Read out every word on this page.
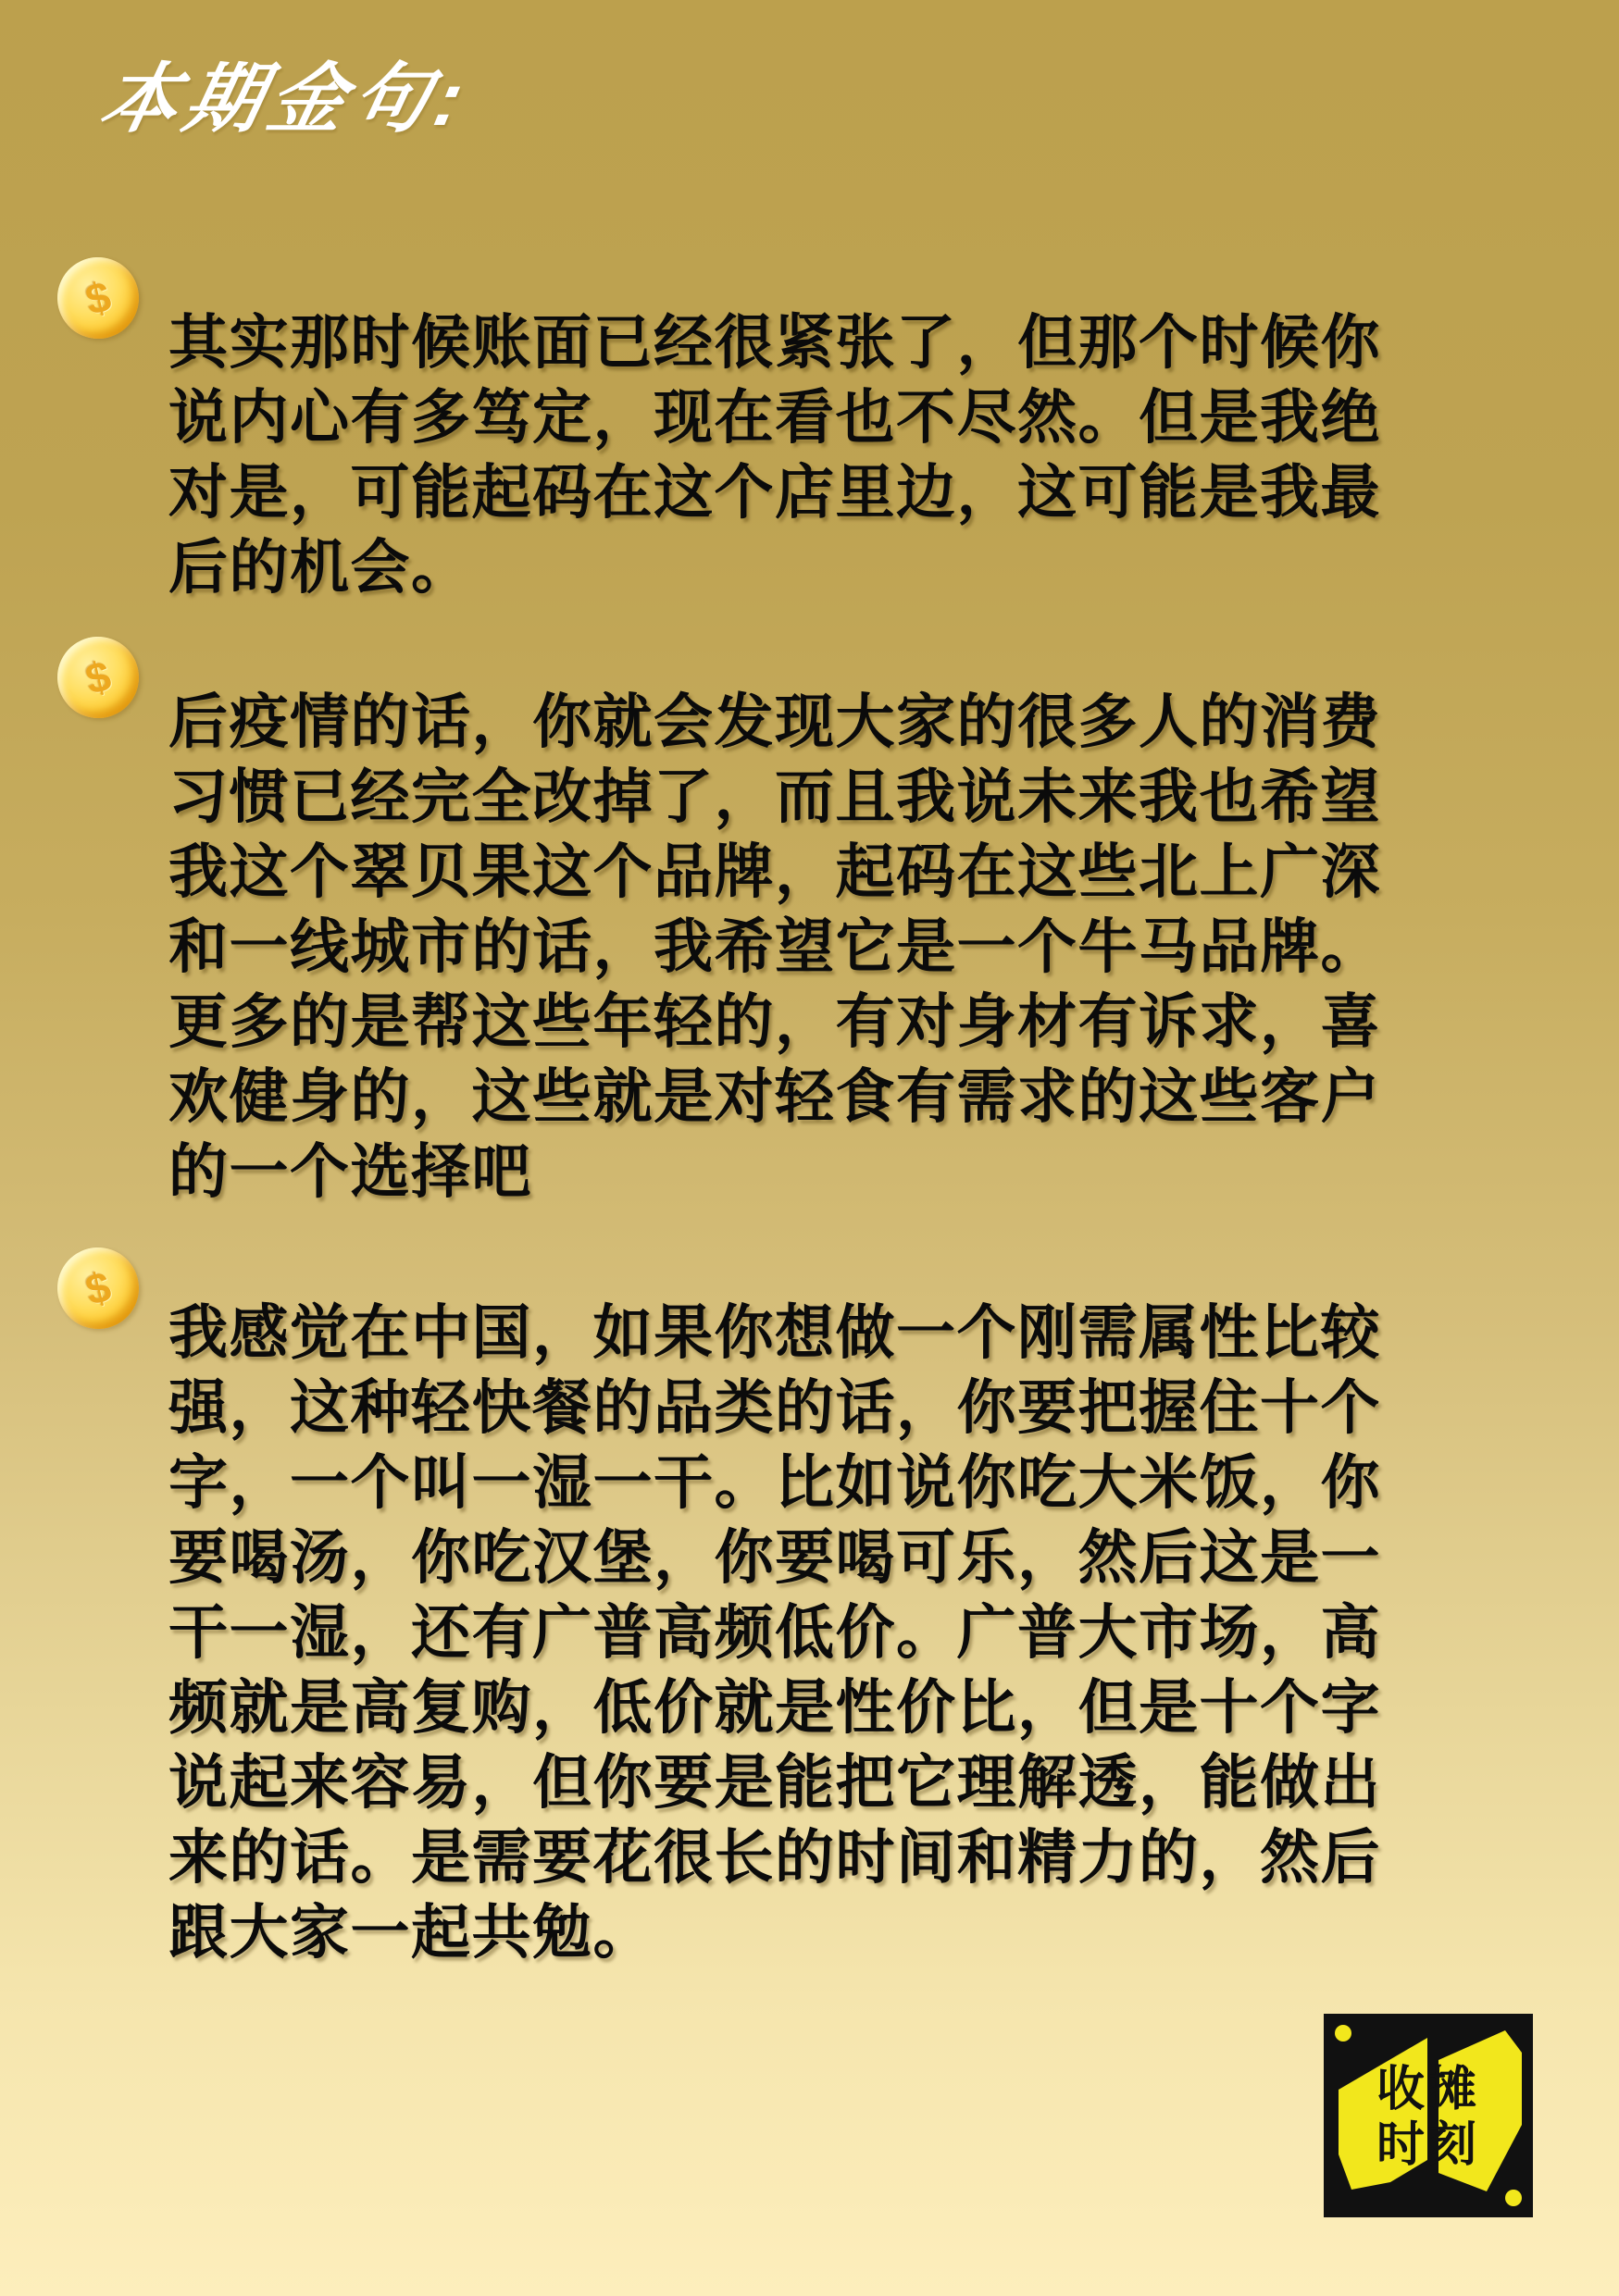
本期金句:
$
其实那时候账面已经很紧张了，但那个时候你说内心有多笃定，现在看也不尽然。但是我绝对是，可能起码在这个店里边，这可能是我最后的机会。
$
后疫情的话，你就会发现大家的很多人的消费习惯已经完全改掉了，而且我说未来我也希望我这个翠贝果这个品牌，起码在这些北上广深和一线城市的话，我希望它是一个牛马品牌。更多的是帮这些年轻的，有对身材有诉求，喜欢健身的，这些就是对轻食有需求的这些客户的一个选择吧
$
我感觉在中国，如果你想做一个刚需属性比较强，这种轻快餐的品类的话，你要把握住十个字，一个叫一湿一干。比如说你吃大米饭，你要喝汤，你吃汉堡，你要喝可乐，然后这是一干一湿，还有广普高频低价。广普大市场，高频就是高复购，低价就是性价比，但是十个字说起来容易，但你要是能把它理解透，能做出来的话。是需要花很长的时间和精力的，然后跟大家一起共勉。
收摊
时刻
